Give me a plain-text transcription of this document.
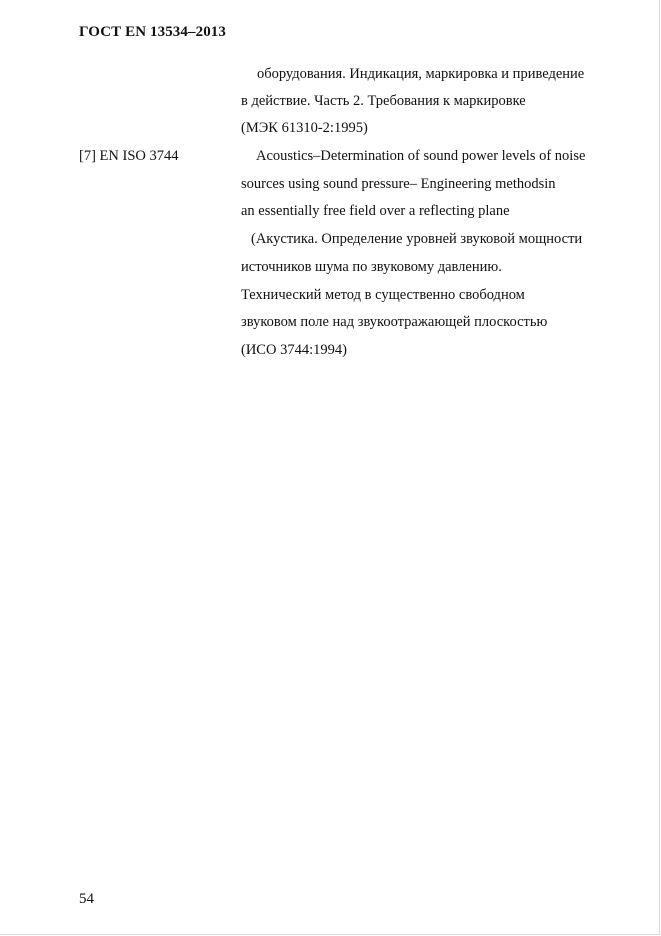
ГОСТ EN 13534–2013
оборудования. Индикация, маркировка и приведение
в действие. Часть 2. Требования к маркировке
(МЭК 61310-2:1995)
[7] EN ISO 3744	Acoustics–Determination of sound power levels of noise
sources using sound pressure– Engineering methodsin
an essentially free field over a reflecting plane
(Акустика. Определение уровней звуковой мощности
источников шума по звуковому давлению.
Технический метод в существенно свободном
звуковом поле над звукоотражающей плоскостью
(ИСО 3744:1994)
54
